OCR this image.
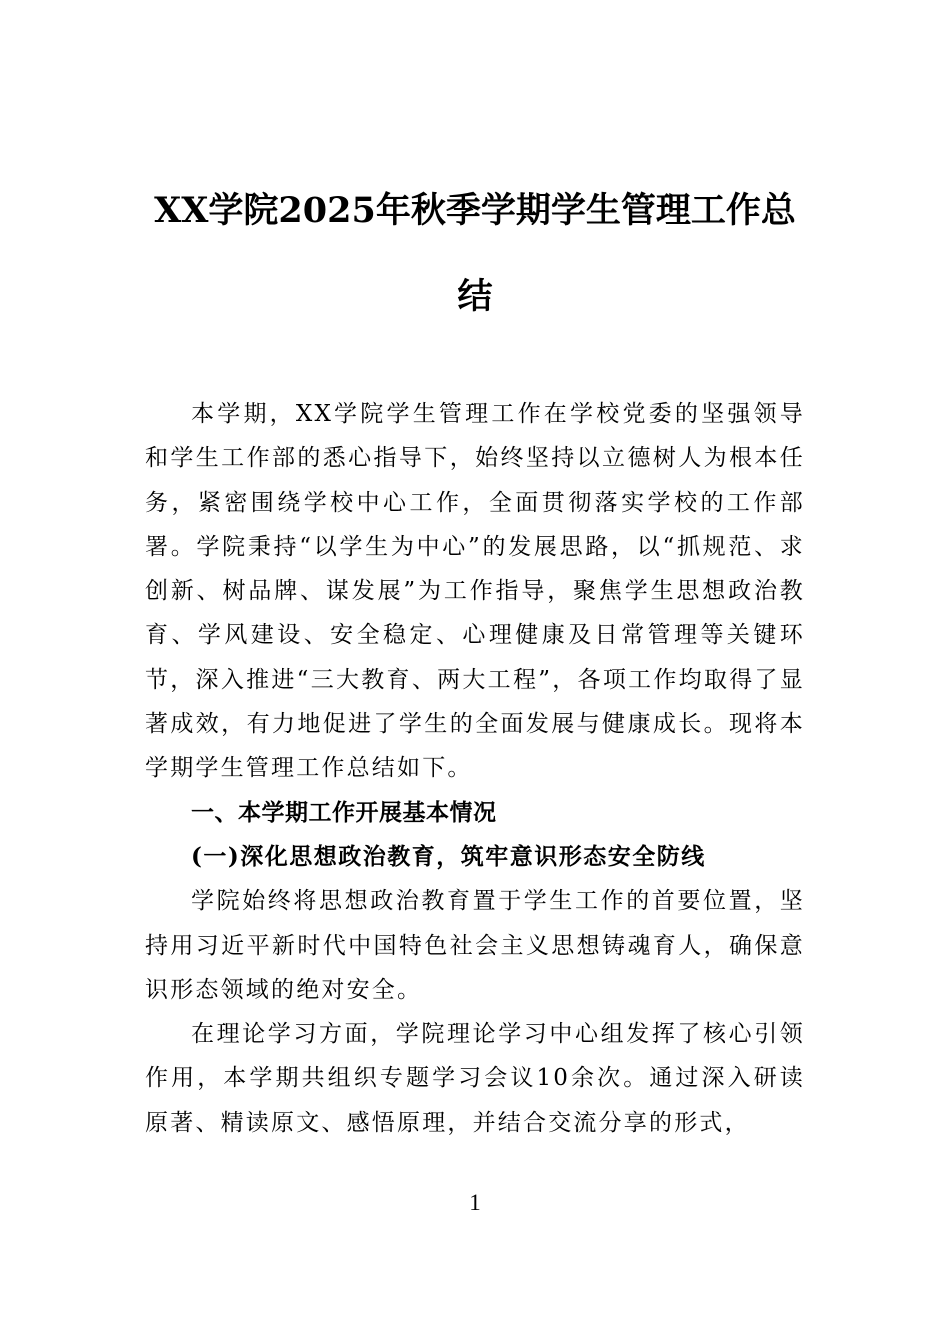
XX学院2025年秋季学期学生管理工作总
结

本学期，XX学院学生管理工作在学校党委的坚强领导和学生工作部的悉心指导下，始终坚持以立德树人为根本任务，紧密围绕学校中心工作，全面贯彻落实学校的工作部署。学院秉持“以学生为中心”的发展思路，以“抓规范、求创新、树品牌、谋发展”为工作指导，聚焦学生思想政治教育、学风建设、安全稳定、心理健康及日常管理等关键环节，深入推进“三大教育、两大工程”，各项工作均取得了显著成效，有力地促进了学生的全面发展与健康成长。现将本学期学生管理工作总结如下。

一、本学期工作开展基本情况

(一)深化思想政治教育，筑牢意识形态安全防线

学院始终将思想政治教育置于学生工作的首要位置，坚持用习近平新时代中国特色社会主义思想铸魂育人，确保意识形态领域的绝对安全。

在理论学习方面，学院理论学习中心组发挥了核心引领作用，本学期共组织专题学习会议10余次。通过深入研读原著、精读原文、感悟原理，并结合交流分享的形式，

1
